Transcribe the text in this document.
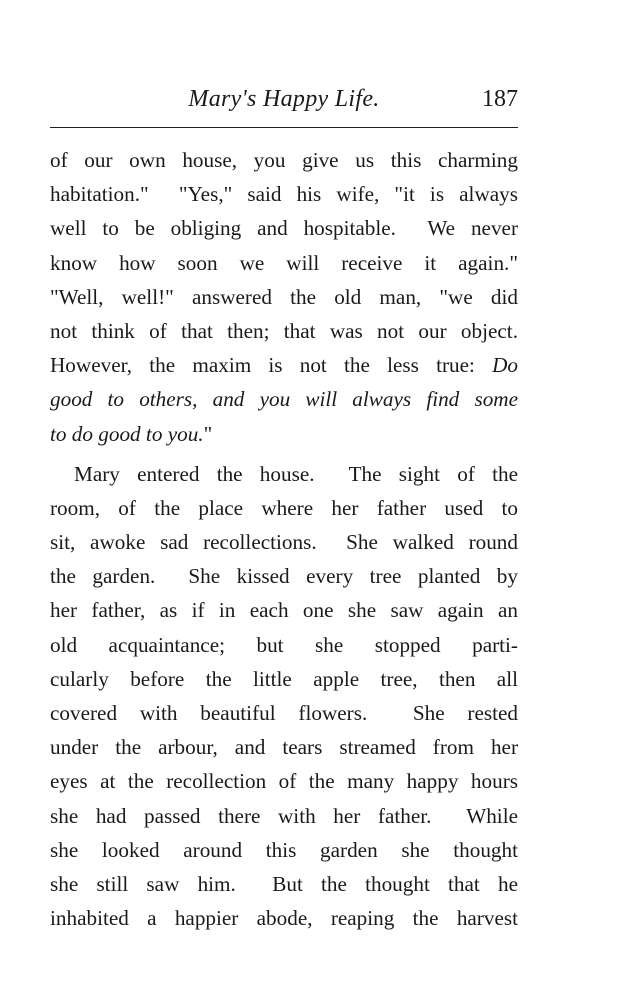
Mary's Happy Life.	187
of our own house, you give us this charming
habitation."  "Yes," said his wife, "it is always
well to be obliging and hospitable.  We never
know how soon we will receive it again."
"Well, well!" answered the old man, "we did
not think of that then; that was not our object.
However, the maxim is not the less true: Do
good to others, and you will always find some
to do good to you."
Mary entered the house.  The sight of the
room, of the place where her father used to
sit, awoke sad recollections.  She walked round
the garden.  She kissed every tree planted by
her father, as if in each one she saw again an
old acquaintance; but she stopped parti-
cularly before the little apple tree, then all
covered with beautiful flowers.  She rested
under the arbour, and tears streamed from her
eyes at the recollection of the many happy hours
she had passed there with her father.  While
she looked around this garden she thought
she still saw him.  But the thought that he
inhabited a happier abode, reaping the harvest
